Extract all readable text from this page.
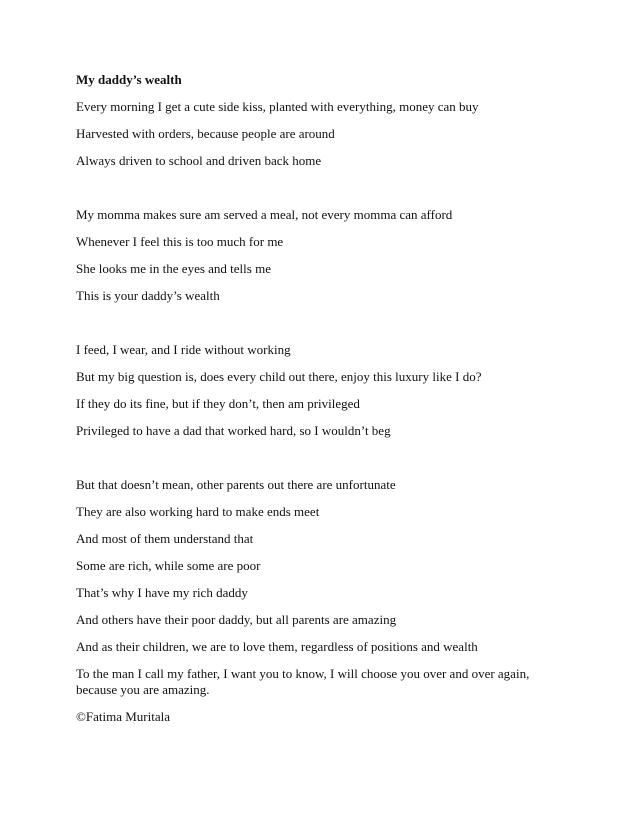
My daddy’s wealth

Every morning I get a cute side kiss, planted with everything, money can buy

Harvested with orders, because people are around

Always driven to school and driven back home

My momma makes sure am served a meal, not every momma can afford

Whenever I feel this is too much for me

She looks me in the eyes and tells me

This is your daddy’s wealth

I feed, I wear, and I ride without working

But my big question is, does every child out there, enjoy this luxury like I do?

If they do its fine, but if they don’t, then am privileged

Privileged to have a dad that worked hard, so I wouldn’t beg

But that doesn’t mean, other parents out there are unfortunate

They are also working hard to make ends meet

And most of them understand that

Some are rich, while some are poor

That’s why I have my rich daddy

And others have their poor daddy, but all parents are amazing

And as their children, we are to love them, regardless of positions and wealth

To the man I call my father, I want you to know, I will choose you over and over again, because you are amazing.

©Fatima Muritala
